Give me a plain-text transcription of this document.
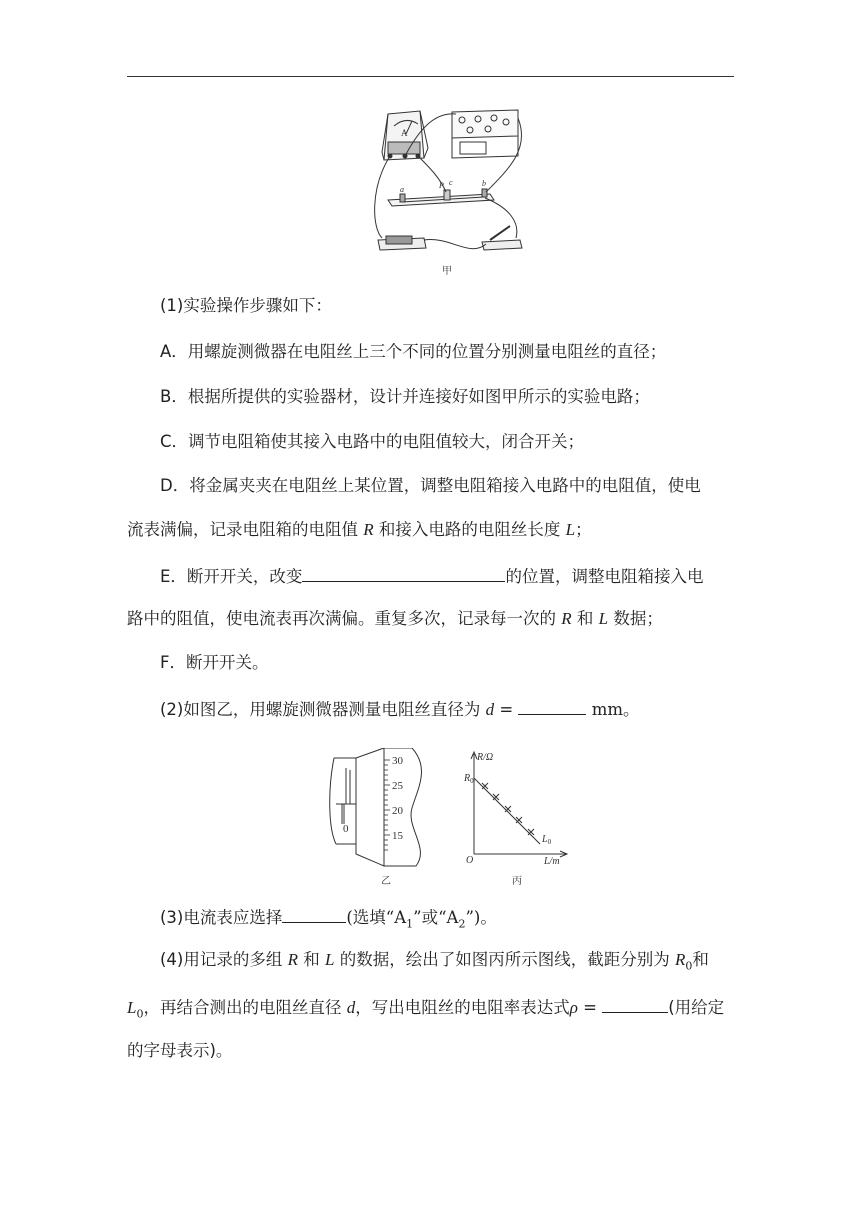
a
b
P c
A
甲
(1)实验操作步骤如下：
A．用螺旋测微器在电阻丝上三个不同的位置分别测量电阻丝的直径；
B．根据所提供的实验器材，设计并连接好如图甲所示的实验电路；
C．调节电阻箱使其接入电路中的电阻值较大，闭合开关；
D．将金属夹夹在电阻丝上某位置，调整电阻箱接入电路中的电阻值，使电
流表满偏，记录电阻箱的电阻值 R 和接入电路的电阻丝长度 L；
E．断开开关，改变	的位置，调整电阻箱接入电
路中的阻值，使电流表再次满偏。重复多次，记录每一次的 R 和 L 数据；
F．断开开关。
(2)如图乙，用螺旋测微器测量电阻丝直径为 d =	mm。
30
25
20
15
0
乙
R/Ω
$R_0$
$L_0$
O	L/m
丙
(3)电流表应选择	(选填“$A_1$”或“$A_2$”)。
(4)用记录的多组 R 和 L 的数据，绘出了如图丙所示图线，截距分别为 $R_0$和
$L_0$，再结合测出的电阻丝直径 d，写出电阻丝的电阻率表达式ρ =	(用给定
的字母表示)。
